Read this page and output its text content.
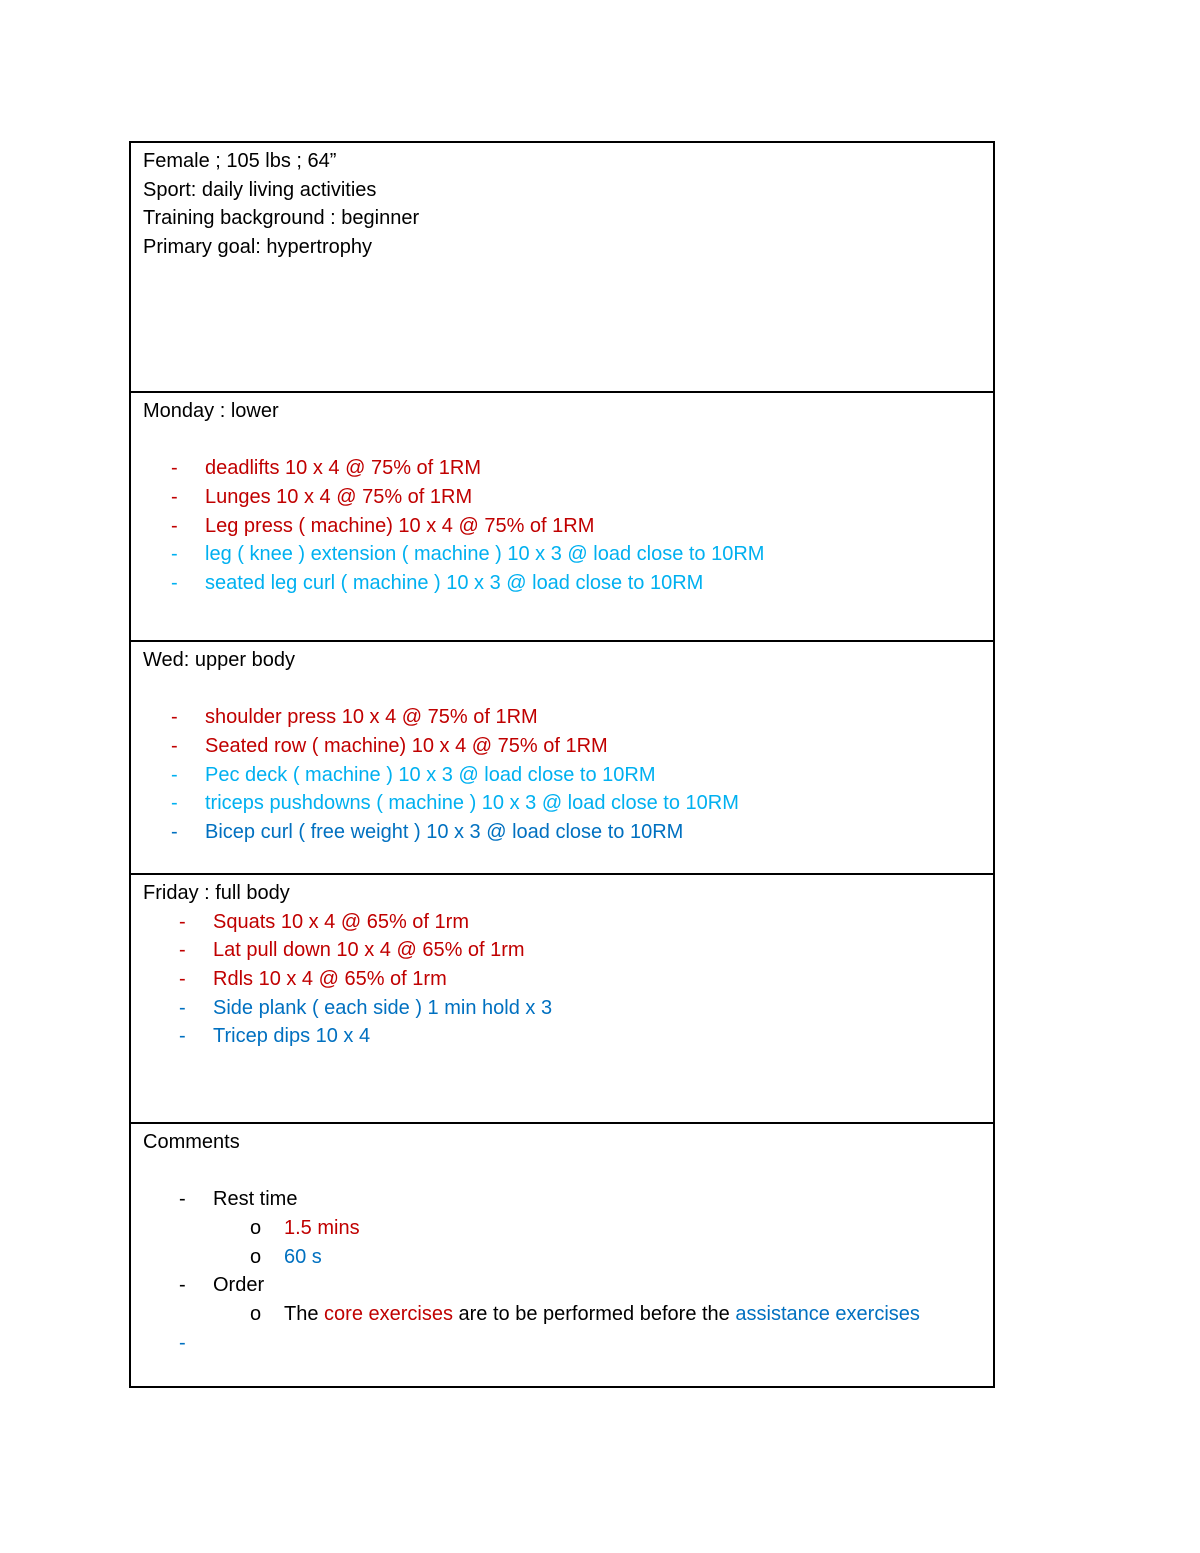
Female ; 105 lbs ; 64”
Sport: daily living activities
Training background : beginner
Primary goal: hypertrophy
Monday : lower
- deadlifts 10 x 4 @ 75% of 1RM
- Lunges 10 x 4 @ 75% of 1RM
- Leg press ( machine) 10 x 4 @ 75% of 1RM
- leg ( knee ) extension ( machine ) 10 x 3 @ load close to 10RM
- seated leg curl ( machine ) 10 x 3 @ load close to 10RM
Wed: upper body
- shoulder press 10 x 4 @ 75% of 1RM
- Seated row ( machine) 10 x 4 @ 75% of 1RM
- Pec deck ( machine ) 10 x 3 @ load close to 10RM
- triceps pushdowns ( machine ) 10 x 3 @ load close to 10RM
- Bicep curl ( free weight ) 10 x 3 @ load close to 10RM
Friday : full body
- Squats 10 x 4 @ 65% of 1rm
- Lat pull down 10 x 4 @ 65% of 1rm
- Rdls 10 x 4 @ 65% of 1rm
- Side plank ( each side ) 1 min hold x 3
- Tricep dips 10 x 4
Comments
- Rest time
o 1.5 mins
o 60 s
- Order
o The core exercises are to be performed before the assistance exercises
-
